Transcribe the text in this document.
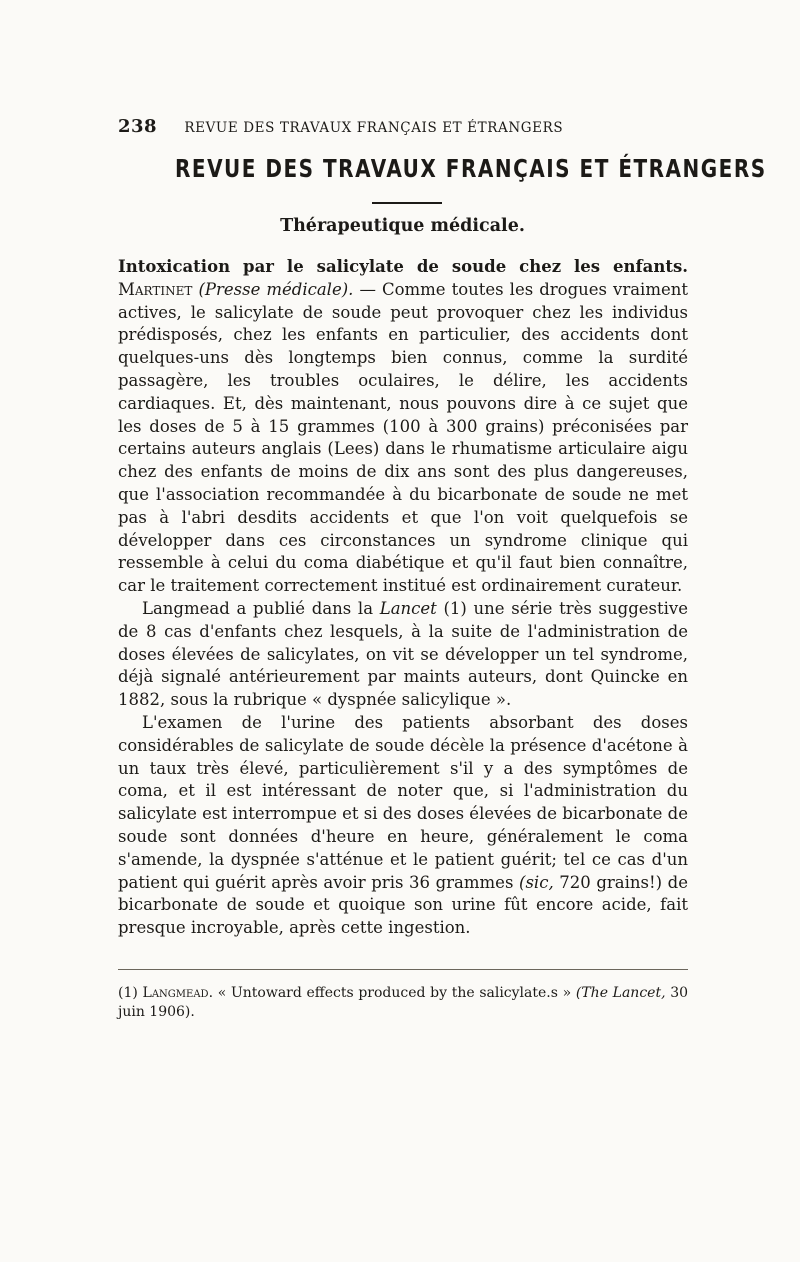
238 REVUE DES TRAVAUX FRANÇAIS ET ÉTRANGERS
REVUE DES TRAVAUX FRANÇAIS ET ÉTRANGERS
Thérapeutique médicale.

Intoxication par le salicylate de soude chez les enfants. Martinet (Presse médicale). — Comme toutes les drogues vraiment actives, le salicylate de soude peut provoquer chez les individus prédisposés, chez les enfants en particulier, des accidents dont quelques-uns dès longtemps bien connus, comme la surdité passagère, les troubles oculaires, le délire, les accidents cardiaques. Et, dès maintenant, nous pouvons dire à ce sujet que les doses de 5 à 15 grammes (100 à 300 grains) préconisées par certains auteurs anglais (Lees) dans le rhumatisme articulaire aigu chez des enfants de moins de dix ans sont des plus dangereuses, que l'association recommandée à du bicarbonate de soude ne met pas à l'abri desdits accidents et que l'on voit quelquefois se développer dans ces circonstances un syndrome clinique qui ressemble à celui du coma diabétique et qu'il faut bien connaître, car le traitement correctement institué est ordinairement curateur.

Langmead a publié dans la Lancet (1) une série très suggestive de 8 cas d'enfants chez lesquels, à la suite de l'administration de doses élevées de salicylates, on vit se développer un tel syndrome, déjà signalé antérieurement par maints auteurs, dont Quincke en 1882, sous la rubrique « dyspnée salicylique ».

L'examen de l'urine des patients absorbant des doses considérables de salicylate de soude décèle la présence d'acétone à un taux très élevé, particulièrement s'il y a des symptômes de coma, et il est intéressant de noter que, si l'administration du salicylate est interrompue et si des doses élevées de bicarbonate de soude sont données d'heure en heure, généralement le coma s'amende, la dyspnée s'atténue et le patient guérit; tel ce cas d'un patient qui guérit après avoir pris 36 grammes (sic, 720 grains!) de bicarbonate de soude et quoique son urine fût encore acide, fait presque incroyable, après cette ingestion.

(1) Langmead. « Untoward effects produced by the salicylate.s » (The Lancet, 30 juin 1906).
